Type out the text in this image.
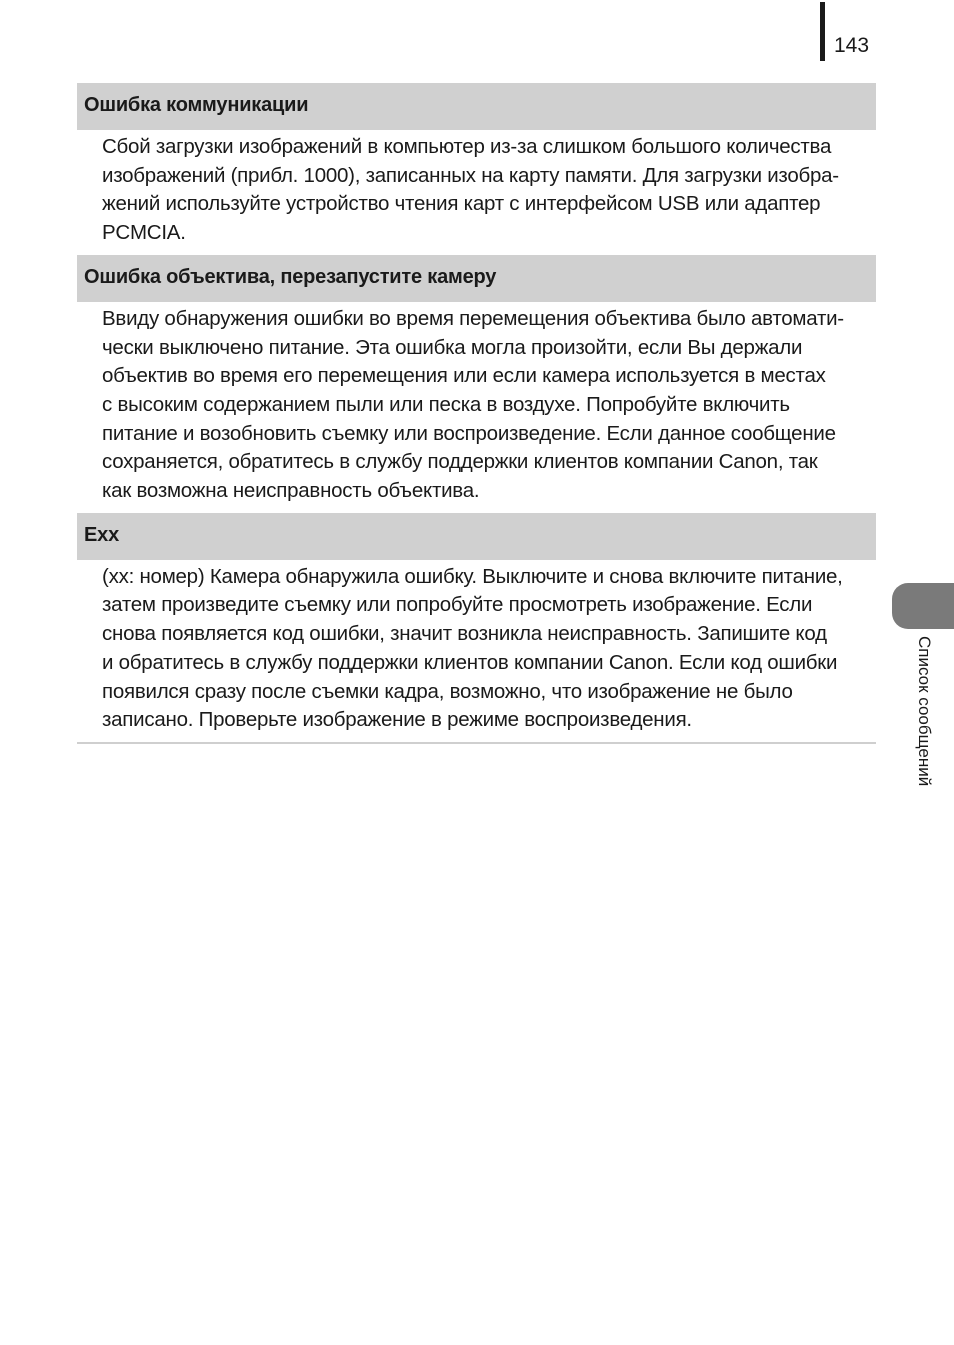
143
Ошибка коммуникации
Сбой загрузки изображений в компьютер из-за слишком большого количества
изображений (прибл. 1000), записанных на карту памяти. Для загрузки изобра-
жений используйте устройство чтения карт с интерфейсом USB или адаптер
PCMCIA.
Ошибка объектива, перезапустите камеру
Ввиду обнаружения ошибки во время перемещения объектива было автомати-
чески выключено питание. Эта ошибка могла произойти, если Вы держали
объектив во время его перемещения или если камера используется в местах
с высоким содержанием пыли или песка в воздухе. Попробуйте включить
питание и возобновить съемку или воспроизведение. Если данное сообщение
сохраняется, обратитесь в службу поддержки клиентов компании Canon, так
как возможна неисправность объектива.
Exx
(xx: номер) Камера обнаружила ошибку. Выключите и снова включите питание,
затем произведите съемку или попробуйте просмотреть изображение. Если
снова появляется код ошибки, значит возникла неисправность. Запишите код
и обратитесь в службу поддержки клиентов компании Canon. Если код ошибки
появился сразу после съемки кадра, возможно, что изображение не было
записано. Проверьте изображение в режиме воспроизведения.	Список сообщений
